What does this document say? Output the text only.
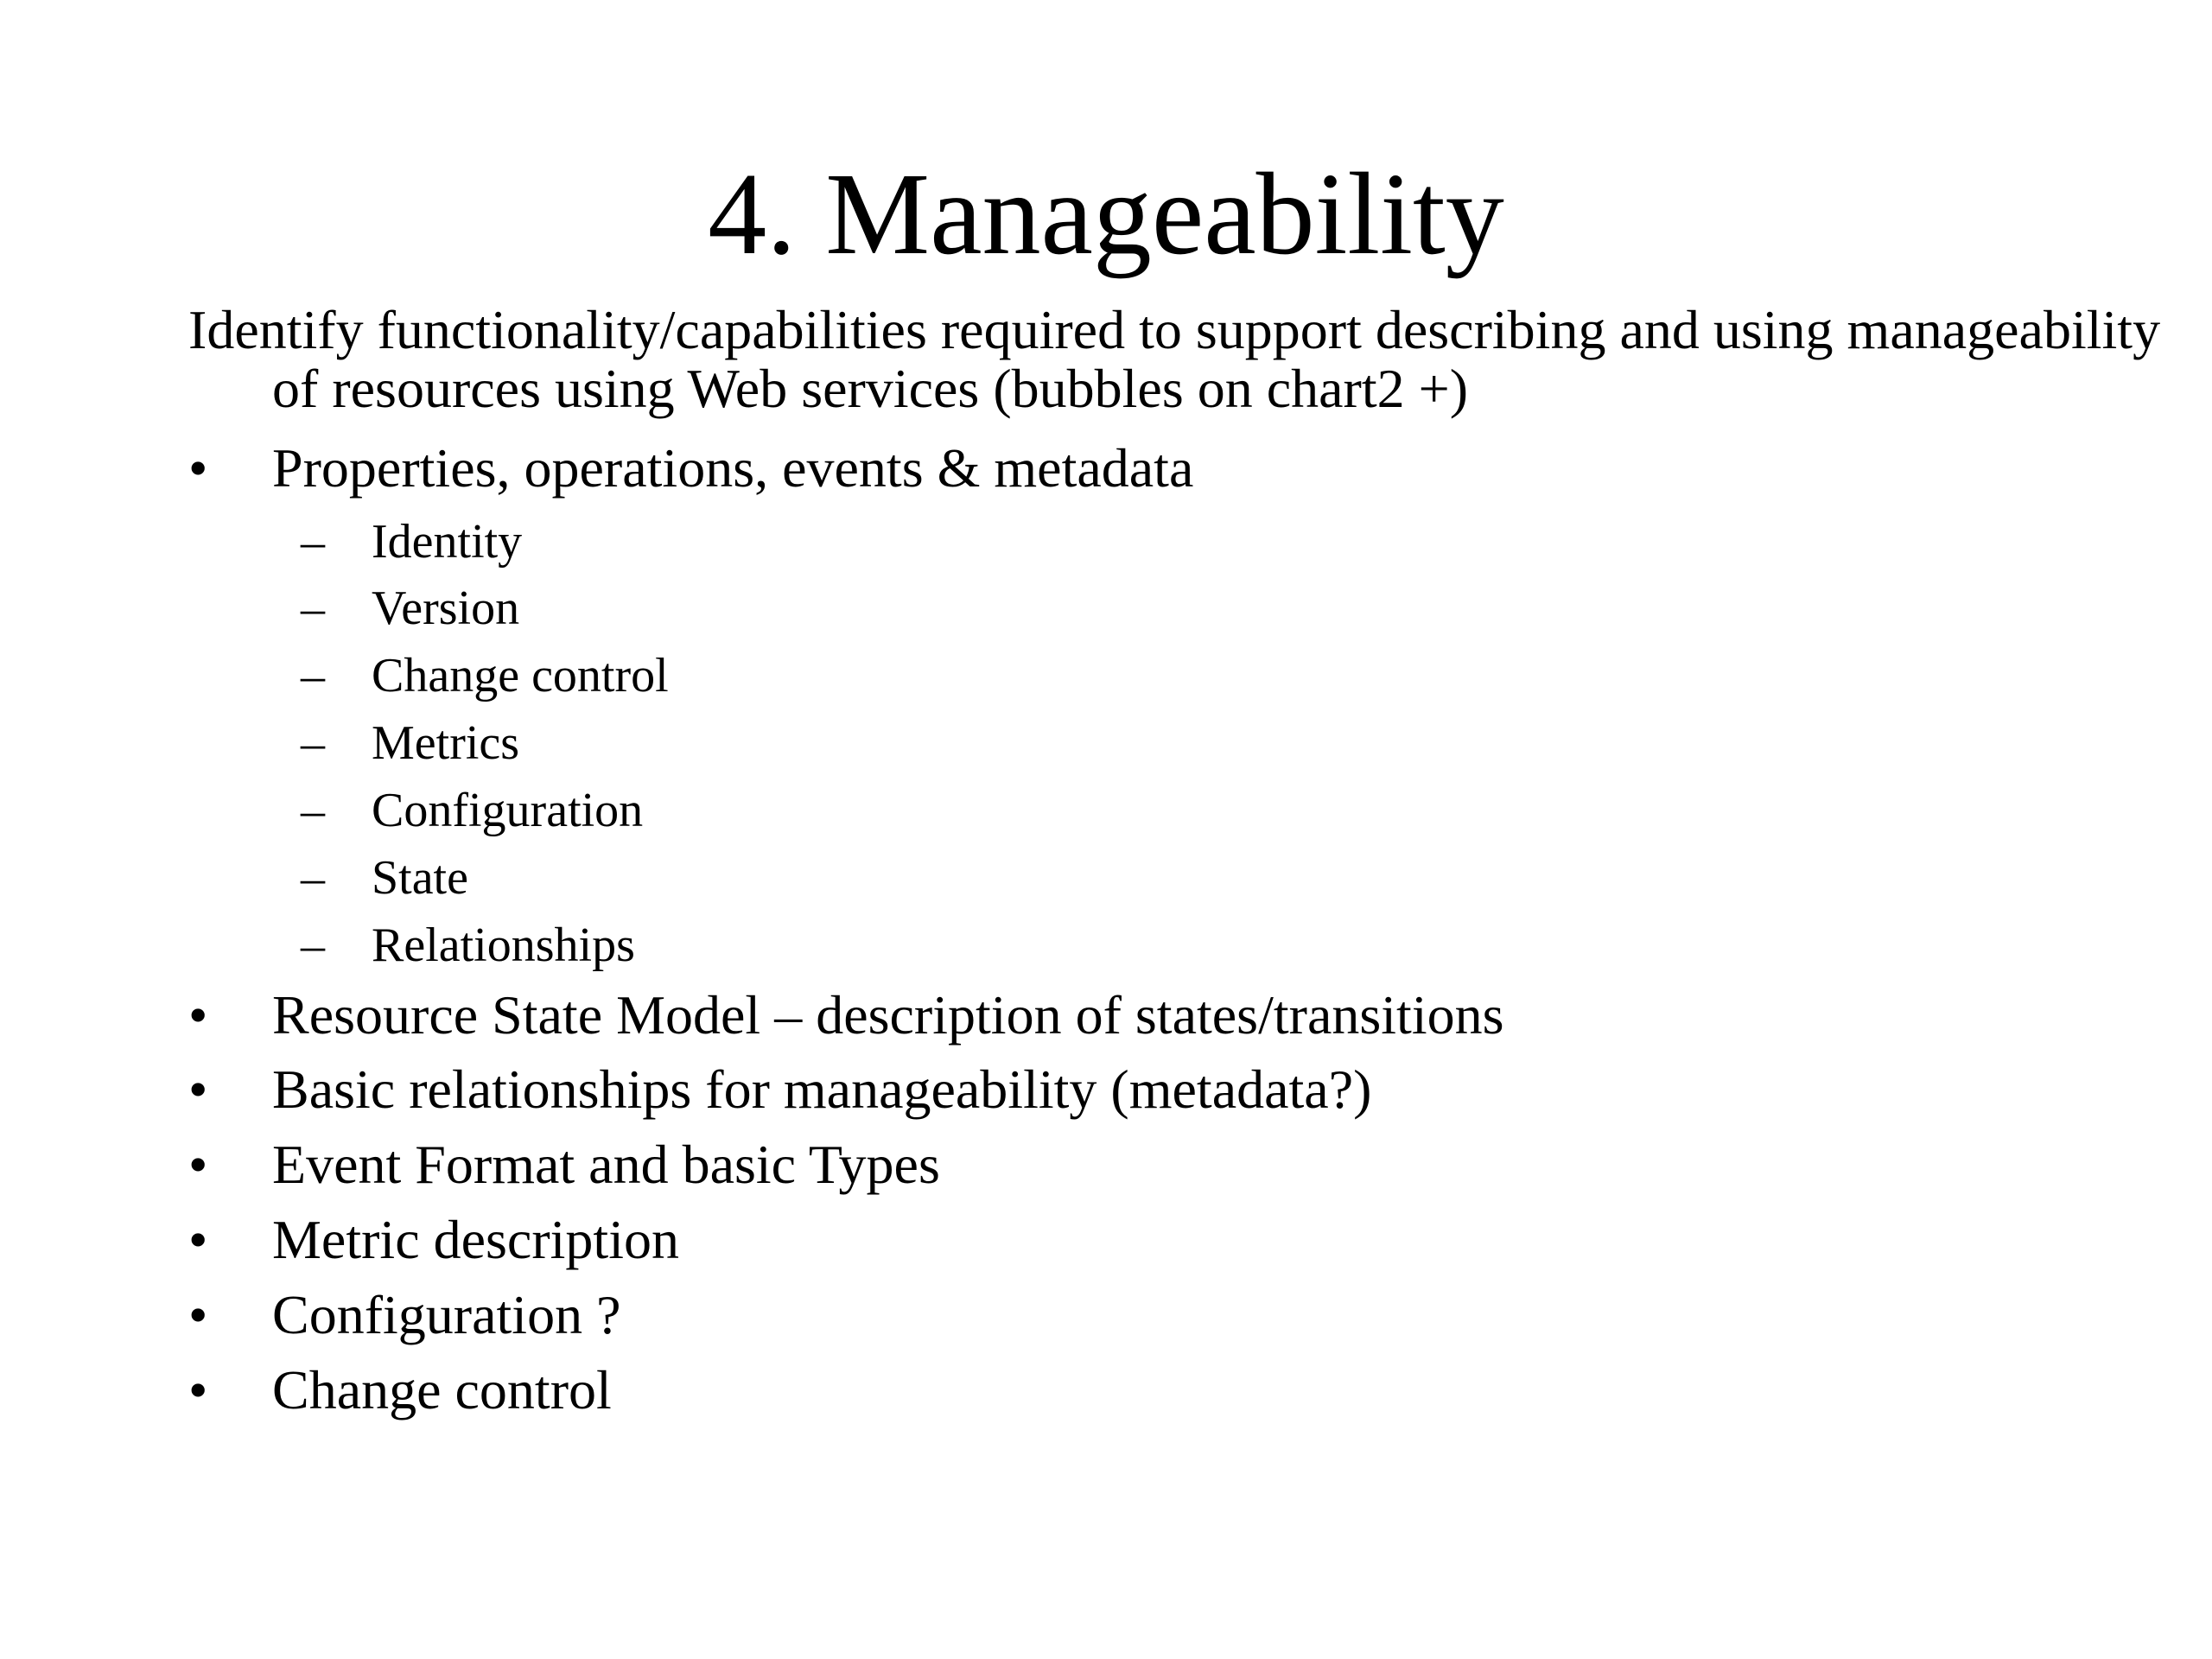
4. Manageability
Identify functionality/capabilities required to support describing and using manageability of resources using Web services (bubbles on chart2 +)
• Properties, operations, events & metadata
– Identity
– Version
– Change control
– Metrics
– Configuration
– State
– Relationships
• Resource State Model – description of states/transitions
• Basic relationships for manageability (metadata?)
• Event Format and basic Types
• Metric description
• Configuration ?
• Change control
